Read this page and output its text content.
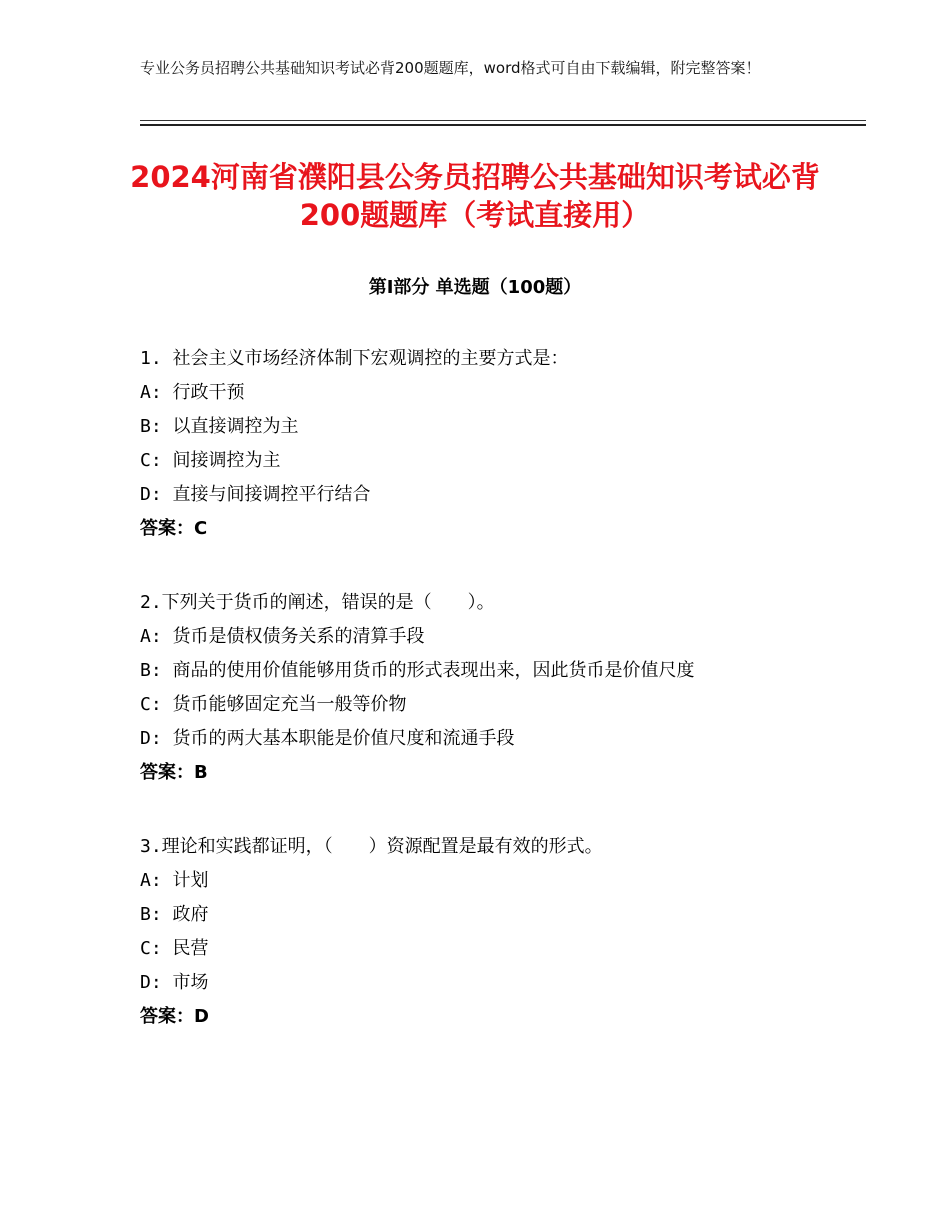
专业公务员招聘公共基础知识考试必背200题题库，word格式可自由下载编辑，附完整答案！
2024河南省濮阳县公务员招聘公共基础知识考试必背200题题库（考试直接用）
第Ⅰ部分 单选题（100题）
1. 社会主义市场经济体制下宏观调控的主要方式是：
A: 行政干预
B: 以直接调控为主
C: 间接调控为主
D: 直接与间接调控平行结合
答案：C
2.下列关于货币的阐述，错误的是（　　）。
A: 货币是债权债务关系的清算手段
B: 商品的使用价值能够用货币的形式表现出来，因此货币是价值尺度
C: 货币能够固定充当一般等价物
D: 货币的两大基本职能是价值尺度和流通手段
答案：B
3.理论和实践都证明，（　　）资源配置是最有效的形式。
A: 计划
B: 政府
C: 民营
D: 市场
答案：D
